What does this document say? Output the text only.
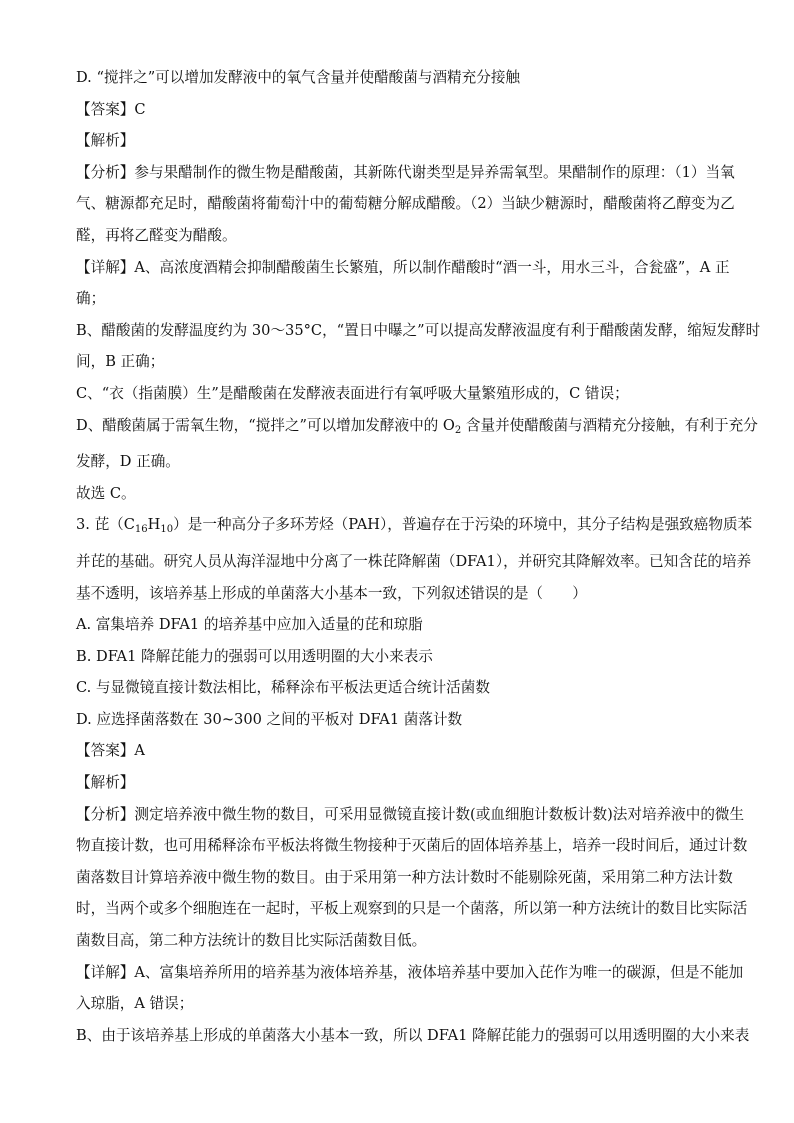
D. “搅拌之”可以增加发酵液中的氧气含量并使醋酸菌与酒精充分接触
【答案】C
【解析】
【分析】参与果醋制作的微生物是醋酸菌，其新陈代谢类型是异养需氧型。果醋制作的原理：（1）当氧
气、糖源都充足时，醋酸菌将葡萄汁中的葡萄糖分解成醋酸。（2）当缺少糖源时，醋酸菌将乙醇变为乙
醛，再将乙醛变为醋酸。
【详解】A、高浓度酒精会抑制醋酸菌生长繁殖，所以制作醋酸时“酒一斗，用水三斗，合瓮盛”，A 正
确；
B、醋酸菌的发酵温度约为 30～35°C，“置日中曝之”可以提高发酵液温度有利于醋酸菌发酵，缩短发酵时
间，B 正确；
C、“衣（指菌膜）生”是醋酸菌在发酵液表面进行有氧呼吸大量繁殖形成的，C 错误；
D、醋酸菌属于需氧生物，“搅拌之”可以增加发酵液中的 $O_2$ 含量并使醋酸菌与酒精充分接触，有利于充分
发酵，D 正确。
故选 C。
3. 芘$(C_{16}H_{10})$是一种高分子多环芳烃（PAH），普遍存在于污染的环境中，其分子结构是强致癌物质苯
并芘的基础。研究人员从海洋湿地中分离了一株芘降解菌（DFA1），并研究其降解效率。已知含芘的培养
基不透明，该培养基上形成的单菌落大小基本一致，下列叙述错误的是（　　）
A. 富集培养 DFA1 的培养基中应加入适量的芘和琼脂
B. DFA1 降解芘能力的强弱可以用透明圈的大小来表示
C. 与显微镜直接计数法相比，稀释涂布平板法更适合统计活菌数
D. 应选择菌落数在 30~300 之间的平板对 DFA1 菌落计数
【答案】A
【解析】
【分析】测定培养液中微生物的数目，可采用显微镜直接计数(或血细胞计数板计数)法对培养液中的微生
物直接计数，也可用稀释涂布平板法将微生物接种于灭菌后的固体培养基上，培养一段时间后，通过计数
菌落数目计算培养液中微生物的数目。由于采用第一种方法计数时不能剔除死菌，采用第二种方法计数
时，当两个或多个细胞连在一起时，平板上观察到的只是一个菌落，所以第一种方法统计的数目比实际活
菌数目高，第二种方法统计的数目比实际活菌数目低。
【详解】A、富集培养所用的培养基为液体培养基，液体培养基中要加入芘作为唯一的碳源，但是不能加
入琼脂，A 错误；
B、由于该培养基上形成的单菌落大小基本一致，所以 DFA1 降解芘能力的强弱可以用透明圈的大小来表
